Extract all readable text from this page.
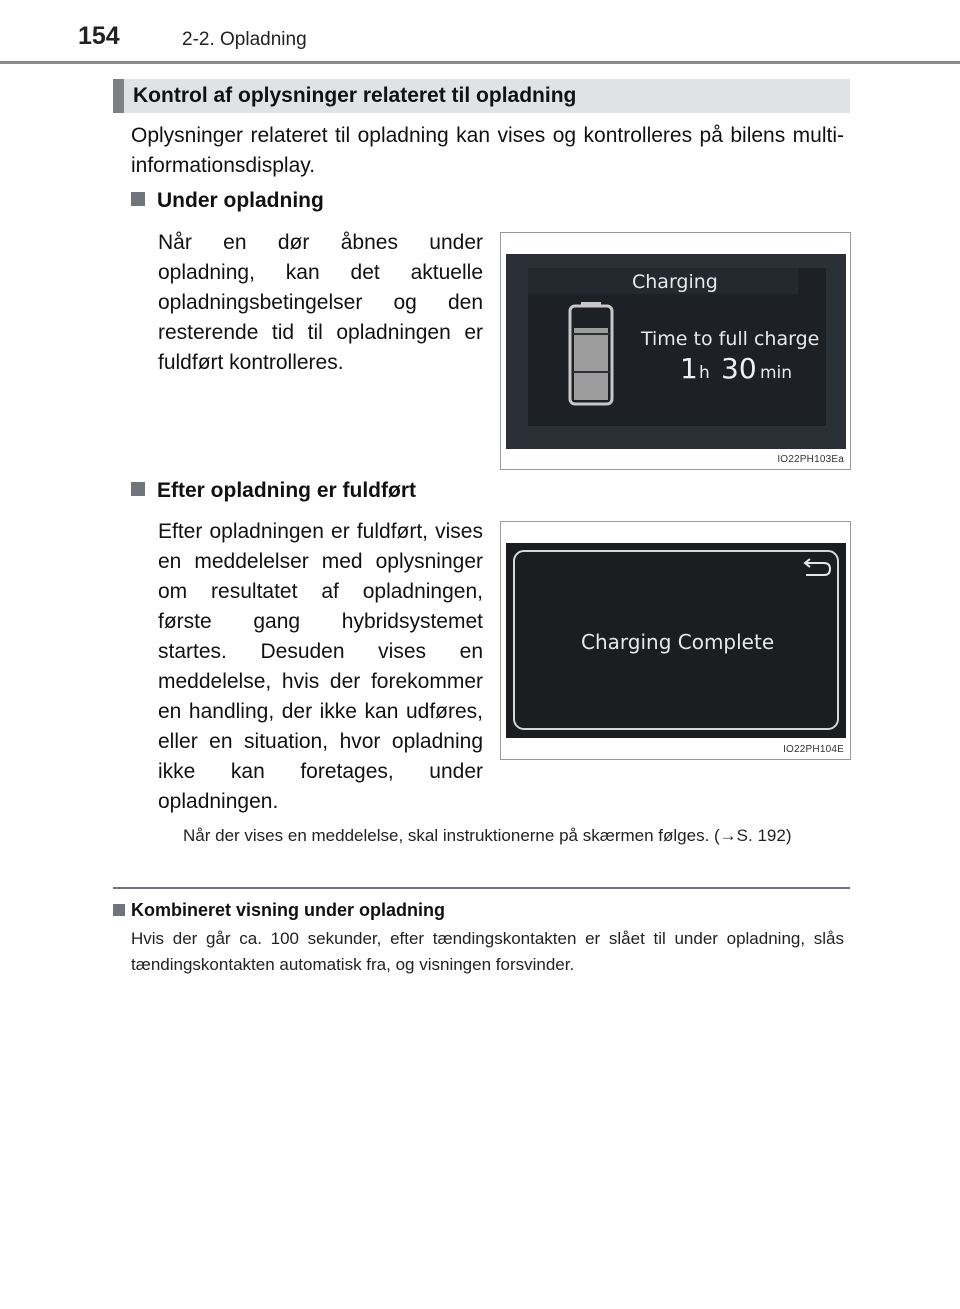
154	2-2. Opladning
Kontrol af oplysninger relateret til opladning
Oplysninger relateret til opladning kan vises og kontrolleres på bilens multi-informationsdisplay.
Under opladning
Når en dør åbnes under opladning, kan det aktuelle opladningsbetingelser og den resterende tid til opladningen er fuldført kontrolleres.
Charging
Time to full charge
1 h 30 min
IO22PH103Ea
Efter opladning er fuldført
Efter opladningen er fuldført, vises en meddelelser med oplysninger om resultatet af opladningen, første gang hybridsystemet startes. Desuden vises en meddelelse, hvis der forekommer en handling, der ikke kan udføres, eller en situation, hvor opladning ikke kan foretages, under opladningen.
Charging Complete
IO22PH104E
Når der vises en meddelelse, skal instruktionerne på skærmen følges. (→S. 192)
Kombineret visning under opladning
Hvis der går ca. 100 sekunder, efter tændingskontakten er slået til under opladning, slås tændingskontakten automatisk fra, og visningen forsvinder.
